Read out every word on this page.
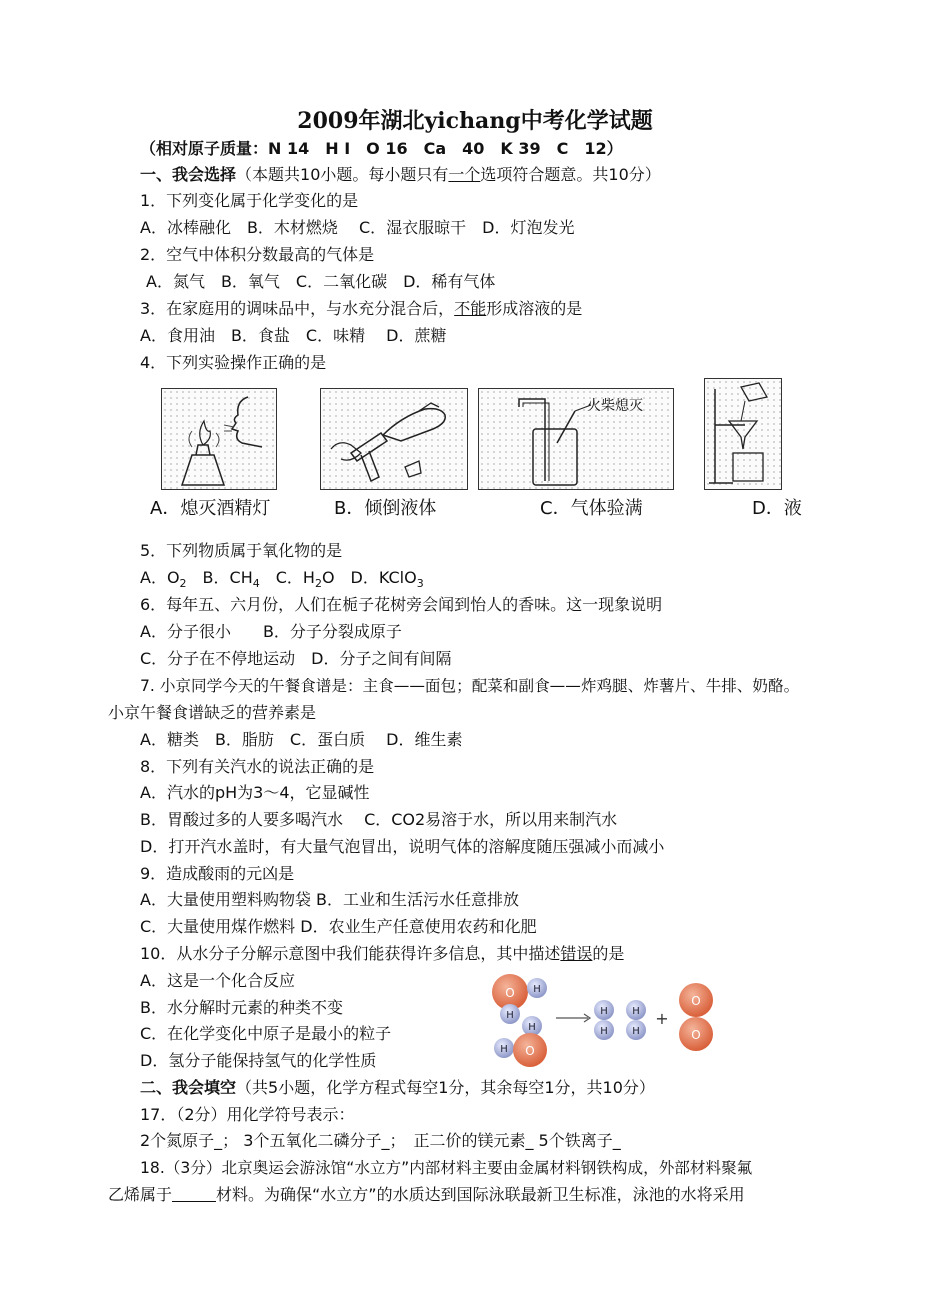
2009年湖北yichang中考化学试题
（相对原子质量：N 14　H I　O 16　Ca　40　K 39　C　12）
一、我会选择（本题共10小题。每小题只有一个选项符合题意。共10分）
1．下列变化属于化学变化的是
A．冰棒融化　B．木材燃烧　 C．湿衣服晾干　D．灯泡发光
2．空气中体积分数最高的气体是
A．氮气　B．氧气　C．二氧化碳　D．稀有气体
3．在家庭用的调味品中，与水充分混合后，不能形成溶液的是
A．食用油　B．食盐　C．味精　 D．蔗糖
4．下列实验操作正确的是
火柴熄灭
A．熄灭酒精灯	B．倾倒液体	C．气体验满	D．液
5．下列物质属于氧化物的是
A．$O_2$　B．$CH_4$　C．$H_2O$　D．KClO$_3$
6．每年五、六月份，人们在栀子花树旁会闻到怡人的香味。这一现象说明
A．分子很小　　B．分子分裂成原子
C．分子在不停地运动　D．分子之间有间隔
7. 小京同学今天的午餐食谱是：主食——面包；配菜和副食——炸鸡腿、炸薯片、牛排、奶酪。
小京午餐食谱缺乏的营养素是
A．糖类　B．脂肪　C．蛋白质　 D．维生素
8．下列有关汽水的说法正确的是
A．汽水的pH为3～4，它显碱性
B．胃酸过多的人要多喝汽水　 C．CO2易溶于水，所以用来制汽水
D．打开汽水盖时，有大量气泡冒出，说明气体的溶解度随压强减小而减小
9．造成酸雨的元凶是
A．大量使用塑料购物袋 B．工业和生活污水任意排放
C．大量使用煤作燃料 D．农业生产任意使用农药和化肥
10．从水分子分解示意图中我们能获得许多信息，其中描述错误的是
A．这是一个化合反应
B．水分解时元素的种类不变
C．在化学变化中原子是最小的粒子
D．氢分子能保持氢气的化学性质
O H
H
H
H O
H
H
H
H
+
O
O
二、我会填空（共5小题，化学方程式每空1分，其余每空1分，共10分）
17．（2分）用化学符号表示：
2个氮原子_； 3个五氧化二磷分子_；　正二价的镁元素_ 5个铁离子_
18.（3分）北京奥运会游泳馆“水立方”内部材料主要由金属材料钢铁构成，外部材料聚氟
乙烯属于	材料。为确保“水立方”的水质达到国际泳联最新卫生标准，泳池的水将采用
